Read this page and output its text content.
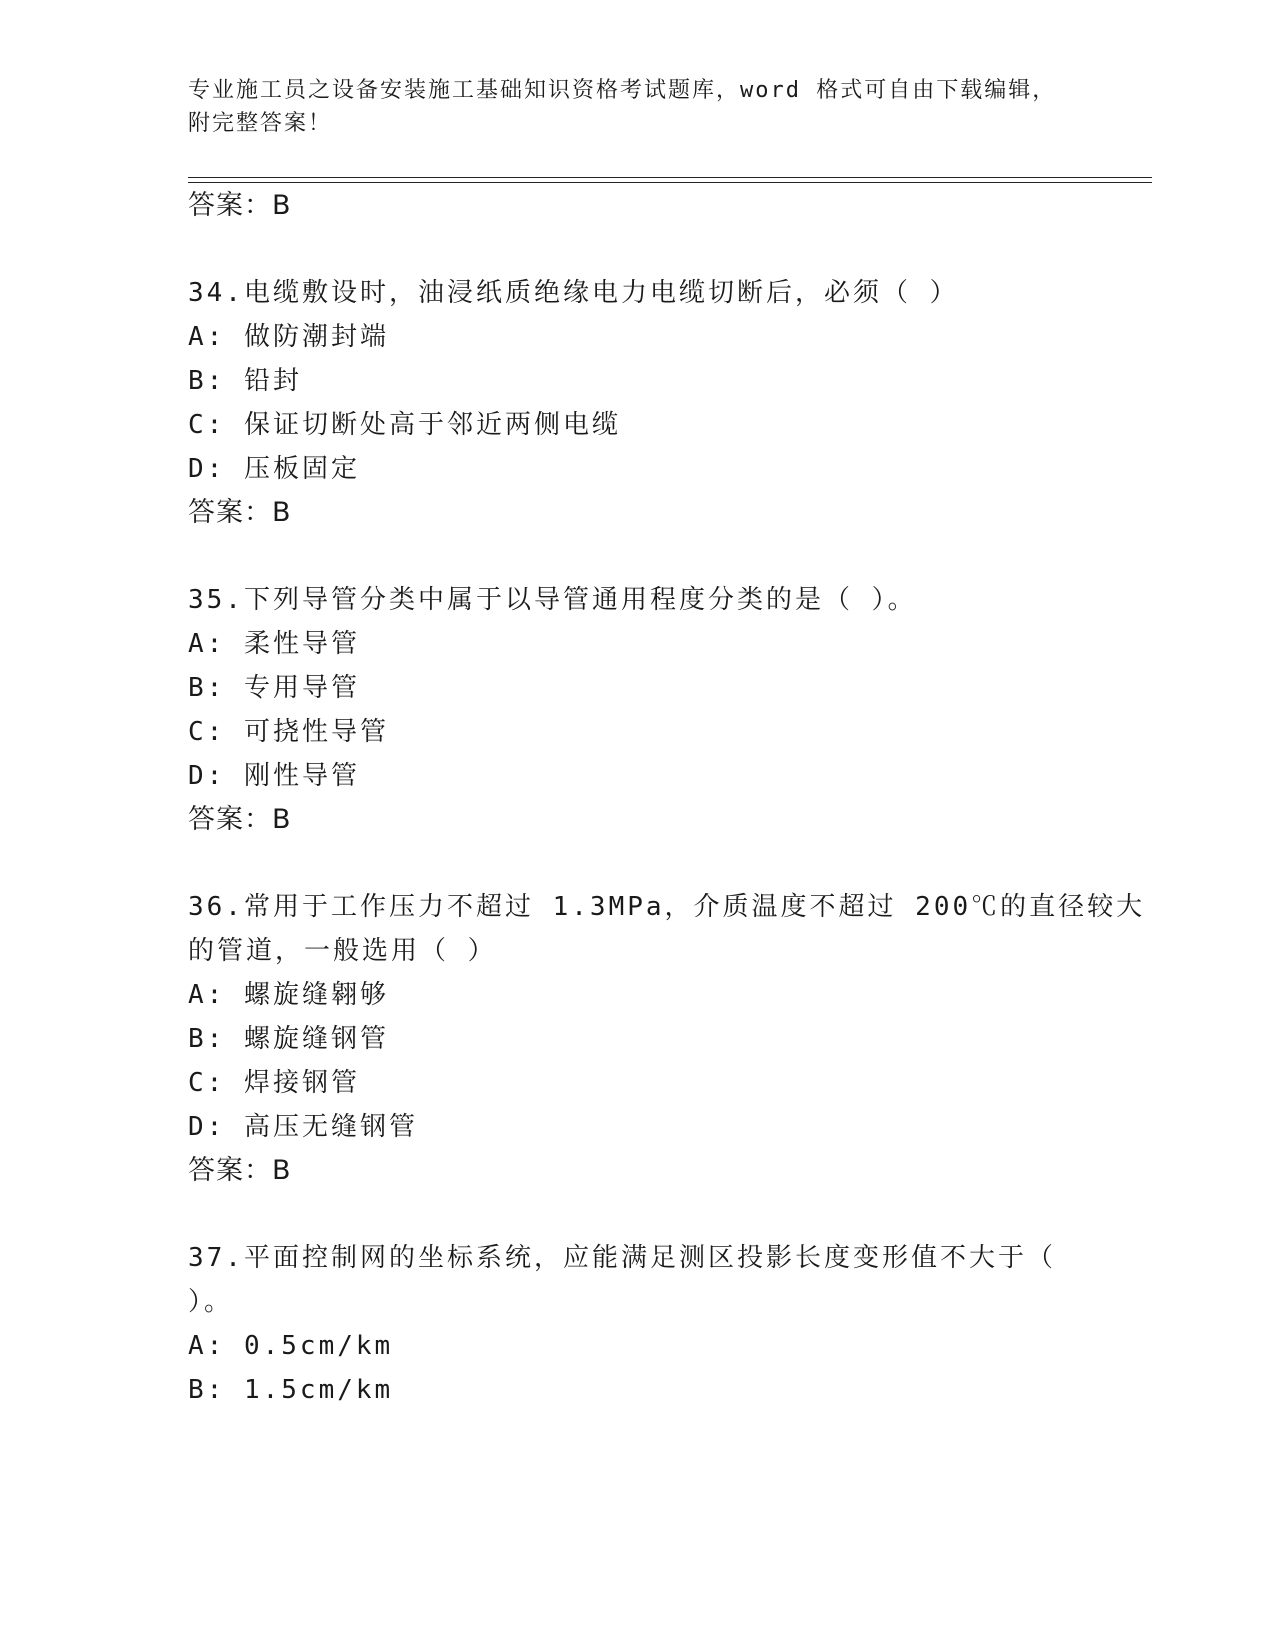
专业施工员之设备安装施工基础知识资格考试题库，word 格式可自由下载编辑，
附完整答案！
答案：B
34.电缆敷设时，油浸纸质绝缘电力电缆切断后，必须（ ）
A: 做防潮封端
B: 铅封
C: 保证切断处高于邻近两侧电缆
D: 压板固定
答案：B
35.下列导管分类中属于以导管通用程度分类的是（ ）。
A: 柔性导管
B: 专用导管
C: 可挠性导管
D: 刚性导管
答案：B
36.常用于工作压力不超过 1.3MPa，介质温度不超过 200℃的直径较大
的管道，一般选用（ ）
A: 螺旋缝翱够
B: 螺旋缝钢管
C: 焊接钢管
D: 高压无缝钢管
答案：B
37.平面控制网的坐标系统，应能满足测区投影长度变形值不大于（
）。
A: 0.5cm/km
B: 1.5cm/km
